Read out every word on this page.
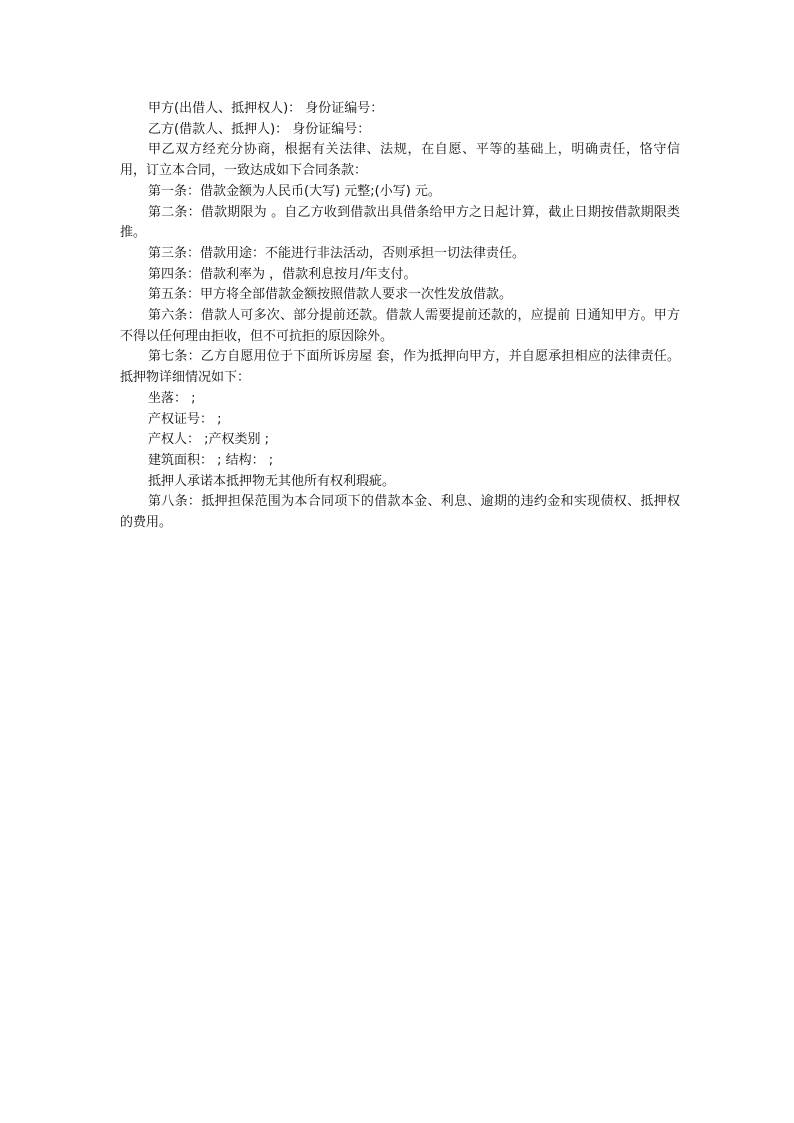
甲方(出借人、抵押权人)： 身份证编号：

乙方(借款人、抵押人)： 身份证编号：

甲乙双方经充分协商，根据有关法律、法规，在自愿、平等的基础上，明确责任，恪守信用，订立本合同，一致达成如下合同条款：

第一条：借款金额为人民币(大写) 元整;(小写) 元。

第二条：借款期限为 。自乙方收到借款出具借条给甲方之日起计算，截止日期按借款期限类推。

第三条：借款用途：不能进行非法活动，否则承担一切法律责任。

第四条：借款利率为 ，借款利息按月/年支付。

第五条：甲方将全部借款金额按照借款人要求一次性发放借款。

第六条：借款人可多次、部分提前还款。借款人需要提前还款的，应提前 日通知甲方。甲方不得以任何理由拒收，但不可抗拒的原因除外。

第七条：乙方自愿用位于下面所诉房屋 套，作为抵押向甲方，并自愿承担相应的法律责任。抵押物详细情况如下：

坐落： ;

产权证号： ;

产权人： ;产权类别 ;

建筑面积： ; 结构： ;

抵押人承诺本抵押物无其他所有权利瑕疵。

第八条：抵押担保范围为本合同项下的借款本金、利息、逾期的违约金和实现债权、抵押权的费用。
